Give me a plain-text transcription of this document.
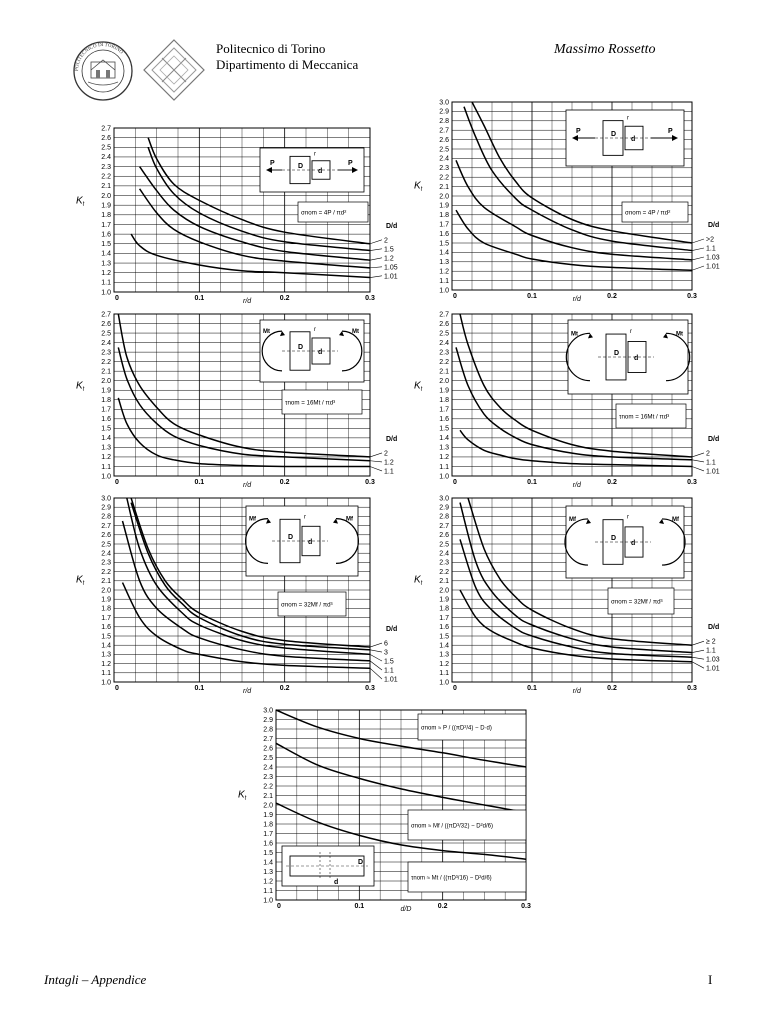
POLITECNICO DI TORINO	Politecnico di Torino
Dipartimento di Meccanica
Massimo Rossetto
1.0
1.1
1.2
1.3
1.4
1.5
1.6
1.7
1.8
1.9
2.0
2.1
2.2
2.3
2.4
2.5
2.6
2.7
0	0.1	0.2	0.3
r/d
$K_t$
D/d
2
1.5
1.2
1.05
1.01
D
d
r
P	P
σnom = 4P / πd²
1.0
1.1
1.2
1.3
1.4
1.5
1.6
1.7
1.8
1.9
2.0
2.1
2.2
2.3
2.4
2.5
2.6
2.7
2.8
2.9
3.0
0	0.1	0.2	0.3
r/d
$K_t$
D/d
>2
1.1
1.03
1.01
D
d
r
P	P
σnom = 4P / πd²
1.0
1.1
1.2
1.3
1.4
1.5
1.6
1.7
1.8
1.9
2.0
2.1
2.2
2.3
2.4
2.5
2.6
2.7
0	0.1	0.2	0.3
r/d
$K_t$
D/d
2
1.2
1.1
D
d
r
Mt	Mt
τnom = 16Mt / πd³
1.0
1.1
1.2
1.3
1.4
1.5
1.6
1.7
1.8
1.9
2.0
2.1
2.2
2.3
2.4
2.5
2.6
2.7
0	0.1	0.2	0.3
r/d
$K_t$
D/d
2
1.1
1.01
D
d
r
Mt	Mt
τnom = 16Mt / πd³
1.0
1.1
1.2
1.3
1.4
1.5
1.6
1.7
1.8
1.9
2.0
2.1
2.2
2.3
2.4
2.5
2.6
2.7
2.8
2.9
3.0
0	0.1	0.2	0.3
r/d
$K_t$
D/d
6
3
1.5
1.1
1.01
D
d
r
Mf	Mf
σnom = 32Mf / πd³
1.0
1.1
1.2
1.3
1.4
1.5
1.6
1.7
1.8
1.9
2.0
2.1
2.2
2.3
2.4
2.5
2.6
2.7
2.8
2.9
3.0
0	0.1	0.2	0.3
r/d
$K_t$
D/d
≥ 2
1.1
1.03
1.01
D
d
r
Mf	Mf
σnom = 32Mf / πd³
1.0
1.1
1.2
1.3
1.4
1.5
1.6
1.7
1.8
1.9
2.0
2.1
2.2
2.3
2.4
2.5
2.6
2.7
2.8
2.9
3.0
0	0.1	0.2	0.3
d/D
$K_t$
σnom ≈ P / ((πD²/4) − D·d)
σnom ≈ Mf / ((πD³/32) − D²d/6)
τnom ≈ Mt / ((πD³/16) − D²d/6)
D
d
Intagli – Appendice	I
